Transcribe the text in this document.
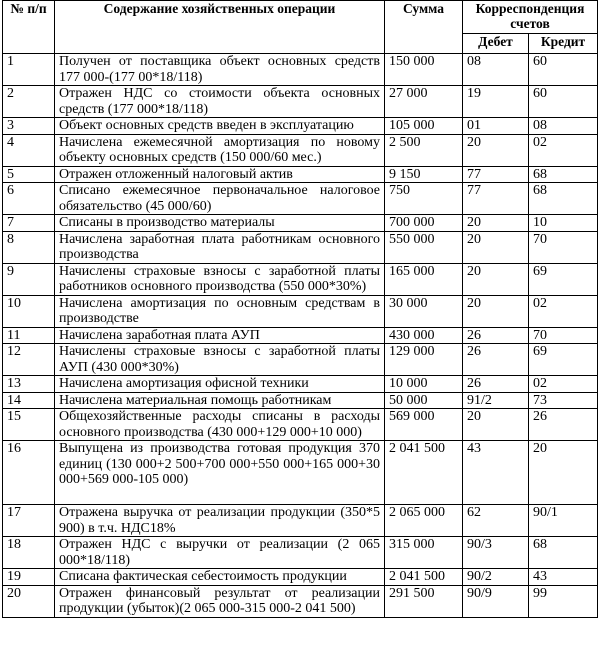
№ п/п	Содержание хозяйственных операции	Сумма	Корреспонденция счетов	
			Дебет	Кредит
1	Получен от поставщика объект основных средств 177 000-(177 00*18/118)	150 000	08	60
2	Отражен НДС со стоимости объекта основных средств (177 000*18/118)	27 000	19	60
3	Объект основных средств введен в эксплуатацию	105 000	01	08
4	Начислена ежемесячной амортизация по новому объекту основных средств (150 000/60 мес.)	2 500	20	02
5	Отражен отложенный налоговый актив	9 150	77	68
6	Списано ежемесячное первоначальное налоговое обязательство (45 000/60)	750	77	68
7	Списаны в производство материалы	700 000	20	10
8	Начислена заработная плата работникам основного производства	550 000	20	70
9	Начислены страховые взносы с заработной платы работников основного производства (550 000*30%)	165 000	20	69
10	Начислена амортизация по основным средствам в производстве	30 000	20	02
11	Начислена заработная плата АУП	430 000	26	70
12	Начислены страховые взносы с заработной платы АУП (430 000*30%)	129 000	26	69
13	Начислена амортизация офисной техники	10 000	26	02
14	Начислена материальная помощь работникам	50 000	91/2	73
15	Общехозяйственные расходы списаны в расходы основного производства (430 000+129 000+10 000)	569 000	20	26
16	Выпущена из производства готовая продукция 370 единиц (130 000+2 500+700 000+550 000+165 000+30 000+569 000-105 000)	2 041 500	43	20
17	Отражена выручка от реализации продукции (350*5 900) в т.ч. НДС18%	2 065 000	62	90/1
18	Отражен НДС с выручки от реализации (2 065 000*18/118)	315 000	90/3	68
19	Списана фактическая себестоимость продукции	2 041 500	90/2	43
20	Отражен финансовый результат от реализации продукции (убыток)(2 065 000-315 000-2 041 500)	291 500	90/9	99
